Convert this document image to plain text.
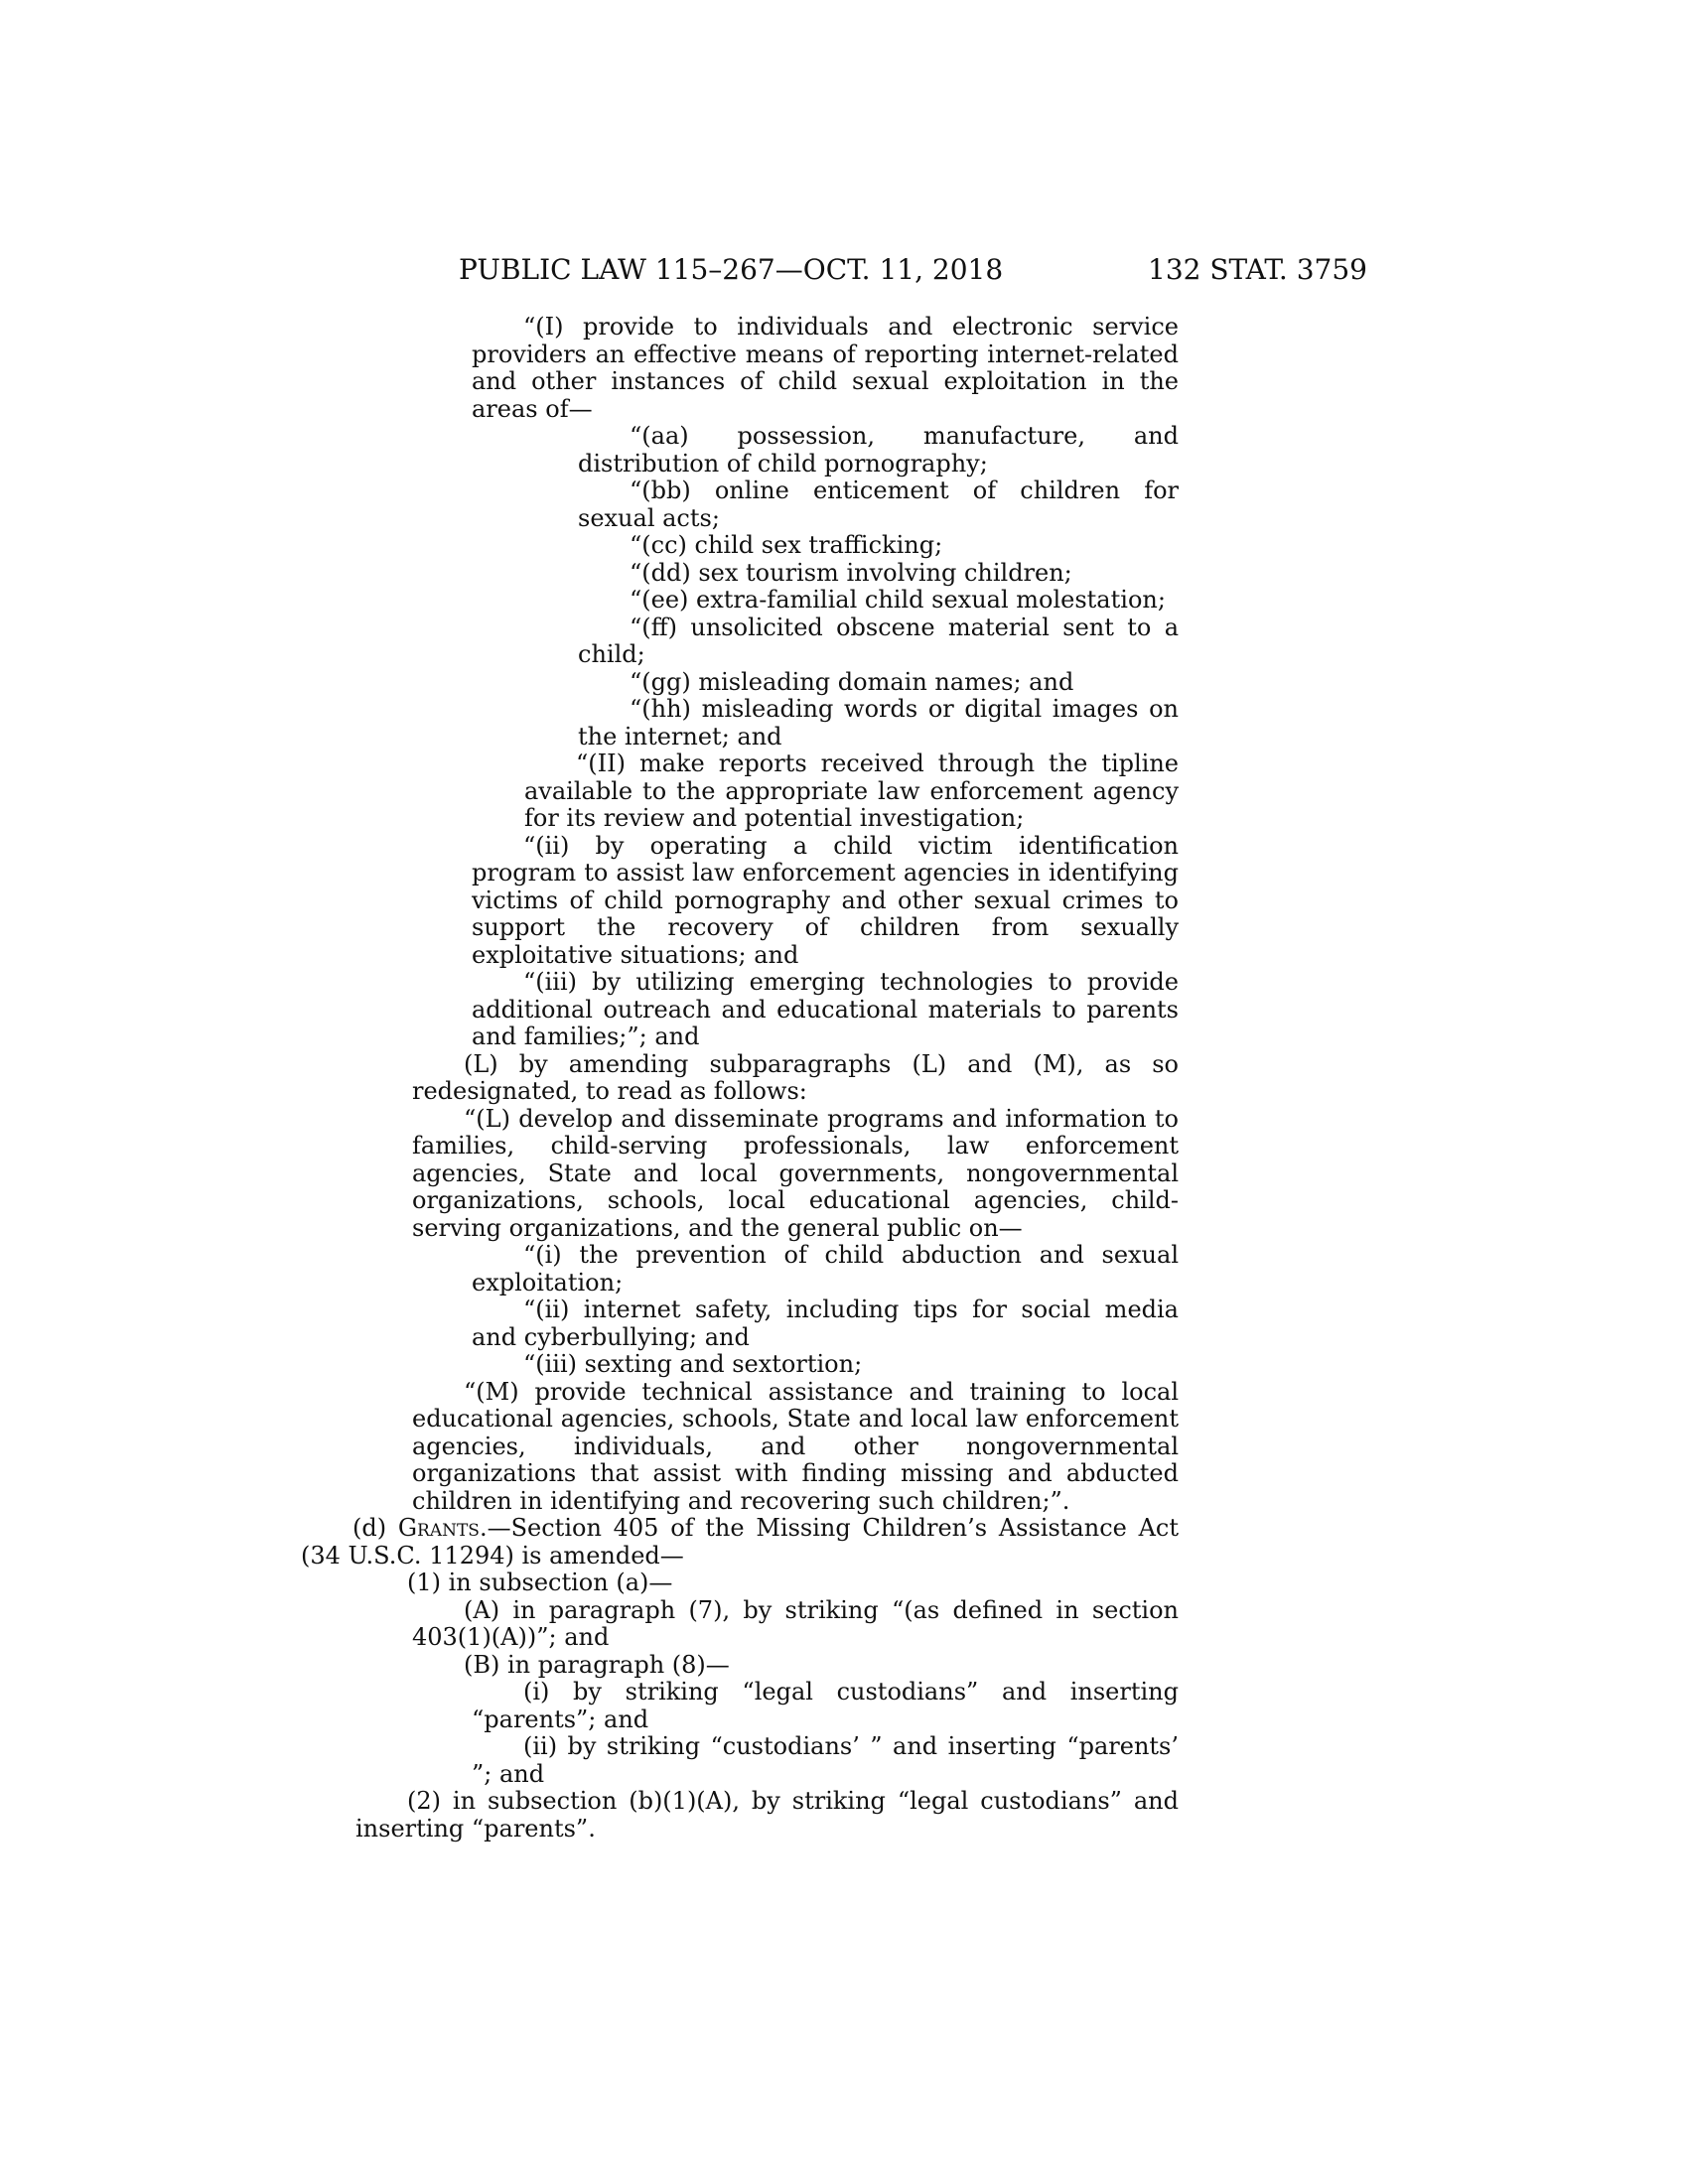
PUBLIC LAW 115–267—OCT. 11, 2018	132 STAT. 3759
“(I) provide to individuals and electronic service providers an effective means of reporting internet-related and other instances of child sexual exploitation in the areas of—
“(aa) possession, manufacture, and distribution of child pornography;
“(bb) online enticement of children for sexual acts;
“(cc) child sex trafficking;
“(dd) sex tourism involving children;
“(ee) extra-familial child sexual molestation;
“(ff) unsolicited obscene material sent to a child;
“(gg) misleading domain names; and
“(hh) misleading words or digital images on the internet; and
“(II) make reports received through the tipline available to the appropriate law enforcement agency for its review and potential investigation;
“(ii) by operating a child victim identification program to assist law enforcement agencies in identifying victims of child pornography and other sexual crimes to support the recovery of children from sexually exploitative situations; and
“(iii) by utilizing emerging technologies to provide additional outreach and educational materials to parents and families;”; and
(L) by amending subparagraphs (L) and (M), as so redesignated, to read as follows:
“(L) develop and disseminate programs and information to families, child-serving professionals, law enforcement agencies, State and local governments, nongovernmental organizations, schools, local educational agencies, child-serving organizations, and the general public on—
“(i) the prevention of child abduction and sexual exploitation;
“(ii) internet safety, including tips for social media and cyberbullying; and
“(iii) sexting and sextortion;
“(M) provide technical assistance and training to local educational agencies, schools, State and local law enforcement agencies, individuals, and other nongovernmental organizations that assist with finding missing and abducted children in identifying and recovering such children;”.
(d) Grants.—Section 405 of the Missing Children’s Assistance Act (34 U.S.C. 11294) is amended—
(1) in subsection (a)—
(A) in paragraph (7), by striking “(as defined in section 403(1)(A))”; and
(B) in paragraph (8)—
(i) by striking “legal custodians” and inserting “parents”; and
(ii) by striking “custodians’ ” and inserting “parents’ ”; and
(2) in subsection (b)(1)(A), by striking “legal custodians” and inserting “parents”.
